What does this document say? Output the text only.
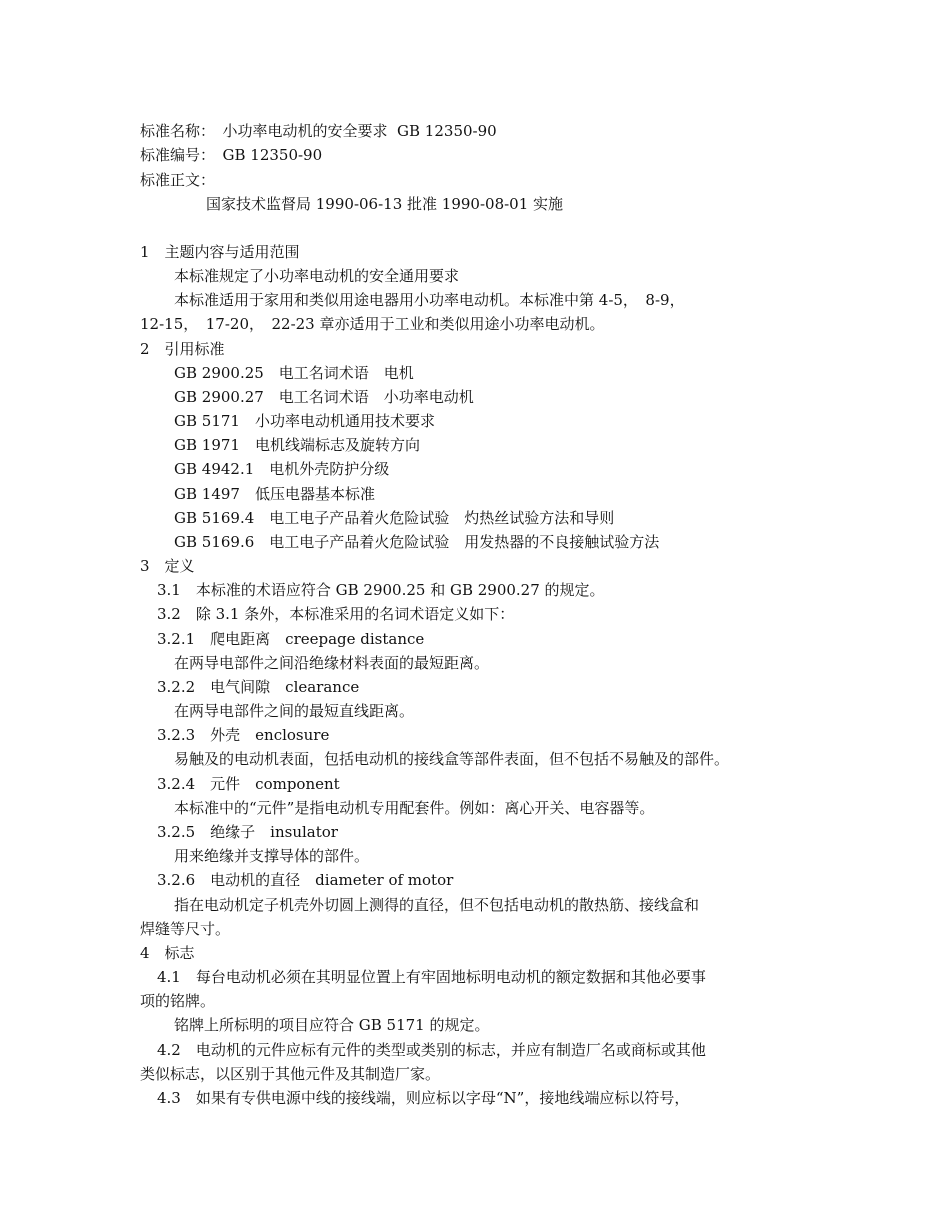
标准名称：　小功率电动机的安全要求  GB 12350-90
标准编号：　GB 12350-90
标准正文：
国家技术监督局 1990-06-13 批准 1990-08-01 实施
1　主题内容与适用范围
本标准规定了小功率电动机的安全通用要求
本标准适用于家用和类似用途电器用小功率电动机。本标准中第 4-5，　8-9，
12-15，　17-20，　22-23 章亦适用于工业和类似用途小功率电动机。
2　引用标准
GB 2900.25　电工名词术语　电机
GB 2900.27　电工名词术语　小功率电动机
GB 5171　小功率电动机通用技术要求
GB 1971　电机线端标志及旋转方向
GB 4942.1　电机外壳防护分级
GB 1497　低压电器基本标准
GB 5169.4　电工电子产品着火危险试验　灼热丝试验方法和导则
GB 5169.6　电工电子产品着火危险试验　用发热器的不良接触试验方法
3　定义
3.1　本标准的术语应符合 GB 2900.25 和 GB 2900.27 的规定。
3.2　除 3.1 条外，本标准采用的名词术语定义如下：
3.2.1　爬电距离　creepage distance
在两导电部件之间沿绝缘材料表面的最短距离。
3.2.2　电气间隙　clearance
在两导电部件之间的最短直线距离。
3.2.3　外壳　enclosure
易触及的电动机表面，包括电动机的接线盒等部件表面，但不包括不易触及的部件。
3.2.4　元件　component
本标准中的“元件”是指电动机专用配套件。例如：离心开关、电容器等。
3.2.5　绝缘子　insulator
用来绝缘并支撑导体的部件。
3.2.6　电动机的直径　diameter of motor
指在电动机定子机壳外切圆上测得的直径，但不包括电动机的散热筋、接线盒和
焊缝等尺寸。
4　标志
4.1　每台电动机必须在其明显位置上有牢固地标明电动机的额定数据和其他必要事
项的铭牌。
铭牌上所标明的项目应符合 GB 5171 的规定。
4.2　电动机的元件应标有元件的类型或类别的标志，并应有制造厂名或商标或其他
类似标志，以区别于其他元件及其制造厂家。
4.3　如果有专供电源中线的接线端，则应标以字母“N”，接地线端应标以符号，
